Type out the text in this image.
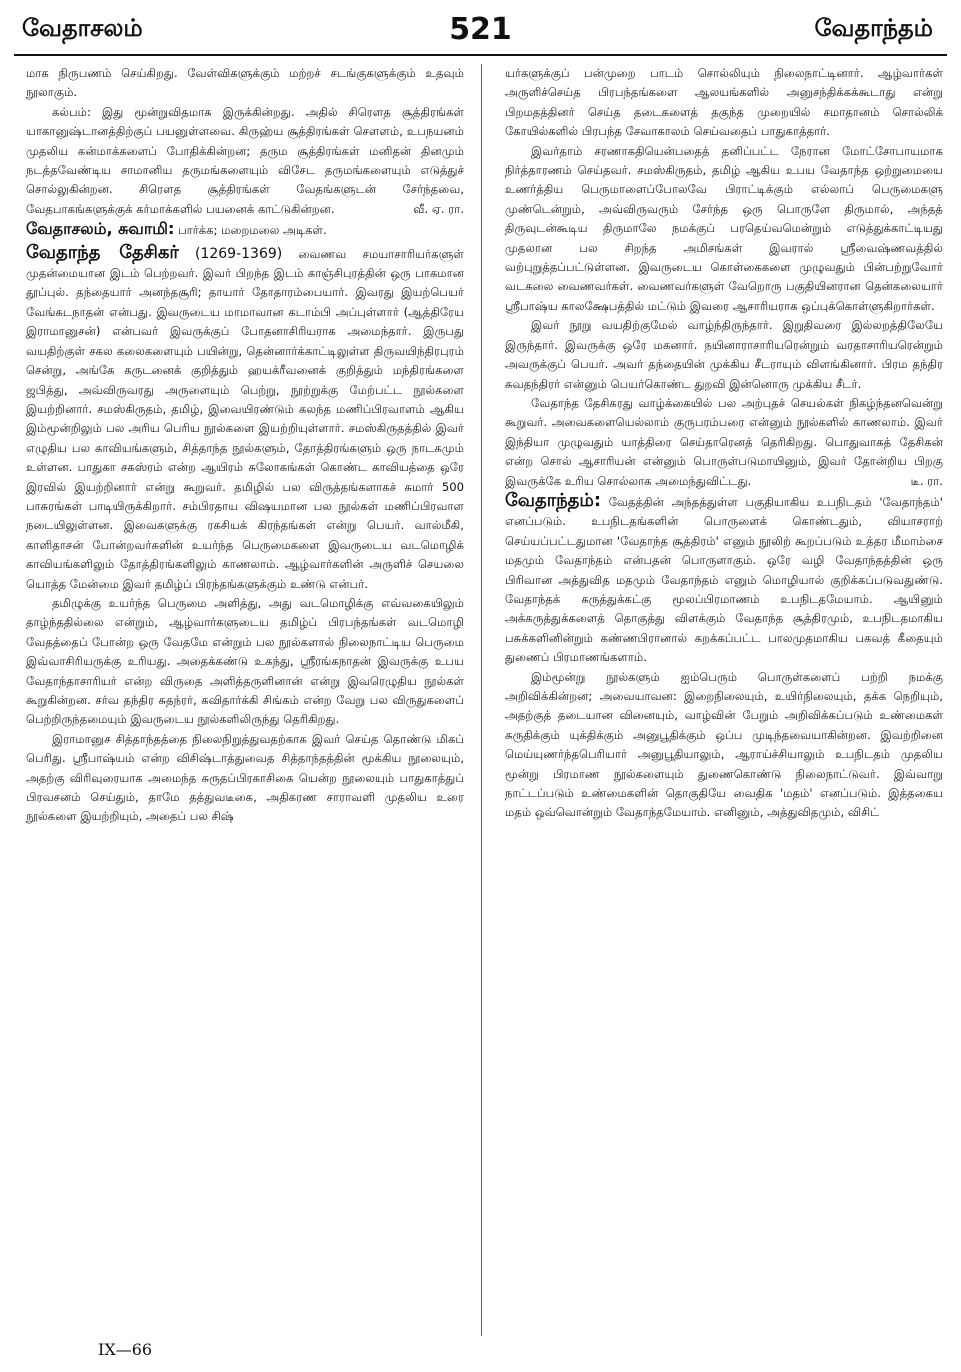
வேதாசலம்	521	வேதாந்தம்

மாக நிருபணம் செய்கிறது. வேள்விகளுக்கும் மற்றச் சடங்குகளுக்கும் உதவும் நூலாகும்.

கல்பம்: இது மூன்றுவிதமாக இருக்கின்றது. அதில் சிரௌத சூத்திரங்கள் யாகானுஷ்டானத்திற்குப் பயனுள்ளவை. கிருஹ்ய சூத்திரங்கள் சௌளம், உபநயனம் முதலிய கன்மாக்களைப் போதிக்கின்றன; தரும சூத்திரங்கள் மனிதன் தினமும் நடத்தவேண்டிய சாமானிய தருமங்களையும் விசேட தருமங்களையும் எடுத்துச் சொல்லுகின்றன. சிரௌத சூத்திரங்கள் வேதங்களுடன் சேர்ந்தவை, வேதபாகங்களுக்குக் கர்மாக்களில் பயனைக் காட்டுகின்றன.	வீ. ஏ. ரா.

வேதாசலம், சுவாமி: பார்க்க; மறைமலை அடிகள்.

வேதாந்த தேசிகர் (1269-1369) வைணவ சமயாசாரியர்களுள் முதன்மையான இடம் பெற்றவர். இவர் பிறந்த இடம் காஞ்சிபுரத்தின் ஒரு பாகமான தூப்புல். தந்தையார் அனந்தசூரி; தாயார் தோதாரம்பையார். இவரது இயற்பெயர் வேங்கடநாதன் என்பது. இவருடைய மாமாவான கடாம்பி அப்புள்ளார் (ஆத்திரேய இராமானுசன்) என்பவர் இவருக்குப் போதனாசிரியராக அமைந்தார். இருபது வயதிற்குள் சகல கலைகளையும் பயின்று, தென்னார்க்காட்டிலுள்ள திருவயிந்திரபுரம் சென்று, அங்கே கருடனைக் குறித்தும் ஹயக்ரீவனைக் குறித்தும் மந்திரங்களை ஜபித்து, அவ்விருவரது அருளையும் பெற்று, நூற்றுக்கு மேற்பட்ட நூல்களை இயற்றினார். சமஸ்கிருதம், தமிழ், இவையிரண்டும் கலந்த மணிப்பிரவாளம் ஆகிய இம்மூன்றிலும் பல அரிய பெரிய நூல்களை இயற்றியுள்ளார். சமஸ்கிருதத்தில் இவர் எழுதிய பல காவியங்களும், சித்தாந்த நூல்களும், தோத்திரங்களும் ஒரு நாடகமும் உள்ளன. பாதுகா சகஸ்ரம் என்ற ஆயிரம் சுலோகங்கள் கொண்ட காவியத்தை ஒரே இரவில் இயற்றினார் என்று கூறுவர். தமிழில் பல விருத்தங்களாகச் சுமார் 500 பாசுரங்கள் பாடியிருக்கிறார். சம்பிரதாய விஷயமான பல நூல்கள் மணிப்பிரவாள நடையிலுள்ளன. இவைகளுக்கு ரகசியக் கிரந்தங்கள் என்று பெயர். வால்மீகி, காளிதாசன் போன்றவர்களின் உயர்ந்த பெருமைகளை இவருடைய வடமொழிக் காவியங்களிலும் தோத்திரங்களிலும் காணலாம். ஆழ்வார்களின் அருளிச் செயலை யொத்த மேன்மை இவர் தமிழ்ப் பிரந்தங்களுக்கும் உண்டு என்பர்.

தமிழுக்கு உயர்ந்த பெருமை அளித்து, அது வடமொழிக்கு எவ்வகையிலும் தாழ்ந்ததில்லை என்றும், ஆழ்வார்களுடைய தமிழ்ப் பிரபந்தங்கள் வடமொழி வேதத்தைப் போன்ற ஒரு வேதமே என்றும் பல நூல்களால் நிலைநாட்டிய பெருமை இவ்வாசிரியருக்கு உரியது. அதைக்கண்டு உகந்து, ஸ்ரீரங்கநாதன் இவருக்கு உபய வேதாந்தாசாரியர் என்ற விருதை அளித்தருளினான் என்று இவரெழுதிய நூல்கள் கூறுகின்றன. சர்வ தந்திர சுதந்ரர், கவிதார்க்கி சிங்கம் என்ற வேறு பல விருதுகளைப் பெற்றிருந்தமையும் இவருடைய நூல்களிலிருந்து தெரிகிறது.

இராமானுச சித்தாந்தத்தை நிலைநிறுத்துவதற்காக இவர் செய்த தொண்டு மிகப் பெரிது. ஸ்ரீபாஷ்யம் என்ற விசிஷ்டாத்துவைத சித்தாந்தத்தின் மூக்கிய நூலையும், அதற்கு விரிவுரையாக அமைந்த சுருதப்பிரகாசிகை யென்ற நூலையும் பாதுகாத்துப் பிரவசனம் செய்தும், தாமே தத்துவடீகை, அதிகரண சாராவளி முதலிய உரை நூல்களை இயற்றியும், அதைப் பல சிஷ்

யர்களுக்குப் பன்முறை பாடம் சொல்லியும் நிலைநாட்டினார். ஆழ்வார்கள் அருளிச்செய்த பிரபந்தங்களை ஆலயங்களில் அனுசந்திக்கக்கூடாது என்று பிறமதத்தினர் செய்த தடைகளைத் தகுந்த முறையில் சமாதானம் சொல்லிக் கோயில்களில் பிரபந்த சேவாகாலம் செய்வதைப் பாதுகாத்தார்.

இவர்தாம் சரணாகதியென்பதைத் தனிப்பட்ட நேரான மோட்சோபாயமாக நிர்த்தாரணம் செய்தவர். சமஸ்கிருதம், தமிழ் ஆகிய உபய வேதாந்த ஒற்றுமையை உணர்த்திய பெருமாளைப்போலவே பிராட்டிக்கும் எல்லாப் பெருமைகளு முண்டென்றும், அவ்விருவரும் சேர்ந்த ஒரு பொருளே திருமால், அந்தத் திருவுடன்கூடிய திருமாலே நமக்குப் பரதெய்வமென்றும் எடுத்துக்காட்டியது முதலான பல சிறந்த அமிசங்கள் இவரால் ஸ்ரீவைஷ்ணவத்தில் வற்புறுத்தப்பட்டுள்ளன. இவருடைய கொள்கைகளை முழுவதும் பின்பற்றுவோர் வடகலை வைணவர்கள். வைணவர்களுள் வேறொரு பகுதியினரான தென்கலையார் ஸ்ரீபாஷ்ய காலக்ஷேபத்தில் மட்டும் இவரை ஆசாரியராக ஒப்புக்கொள்ளுகிறார்கள்.

இவர் நூறு வயதிற்குமேல் வாழ்ந்திருந்தார். இறுதிவரை இல்லறத்திலேயே இருந்தார். இவருக்கு ஒரே மகனார். நயினாராசாரியரென்றும் வரதாசாரியரென்றும் அவருக்குப் பெயர். அவர் தந்தையின் முக்கிய சீடராயும் விளங்கினார். பிரம தந்திர சுவதந்திரர் என்னும் பெயர்கொண்ட துறவி இன்னொரு முக்கிய சீடர்.

வேதாந்த தேசிகரது வாழ்க்கையில் பல அற்புதச் செயல்கள் நிகழ்ந்தனவென்று கூறுவர். அவைகளையெல்லாம் குருபரம்பரை என்னும் நூல்களில் காணலாம். இவர் இந்தியா முழுவதும் யாத்திரை செய்தாரெனத் தெரிகிறது. பொதுவாகத் தேசிகன் என்ற சொல் ஆசாரியன் என்னும் பொருள்படுமாயினும், இவர் தோன்றிய பிறகு இவருக்கே உரிய சொல்லாக அமைந்துவிட்டது.	டீ. ரா.

வேதாந்தம்: வேதத்தின் அந்தத்துள்ள பகுதியாகிய உபநிடதம் 'வேதாந்தம்' எனப்படும். உபநிடதங்களின் பொருளைக் கொண்டதும், வியாசராற் செய்யப்பட்டதுமான 'வேதாந்த சூத்திரம்' எனும் நூலிற் கூறப்படும் உத்தர மீமாம்சை மதமும் வேதாந்தம் என்பதன் பொருளாகும். ஒரே வழி வேதாந்தத்தின் ஒரு பிரிவான அத்துவித மதமும் வேதாந்தம் எனும் மொழியால் குறிக்கப்படுவதுண்டு. வேதாந்தக் கருத்துக்கட்கு மூலப்பிரமாணம் உபநிடதமேயாம். ஆயினும் அக்கருத்துக்களைத் தொகுத்து விளக்கும் வேதாந்த சூத்திரமும், உபநிடதமாகிய பசுக்களினின்றும் கண்ணபிரானால் கறக்கப்பட்ட பாலமுதமாகிய பகவத் கீதையும் துணைப் பிரமாணங்களாம்.

இம்மூன்று நூல்களும் ஐம்பெரும் பொருள்களைப் பற்றி நமக்கு அறிவிக்கின்றன; அவையாவன: இறைநிலையும், உயிர்நிலையும், தக்க நெறியும், அதற்குத் தடையான வினையும், வாழ்வின் பேறும் அறிவிக்கப்படும் உண்மைகள் சுருதிக்கும் யுக்திக்கும் அனுபூதிக்கும் ஒப்ப முடிந்தவையாகின்றன. இவற்றினை மெய்யுணர்ந்தபெரியார் அனுபூதியாலும், ஆராய்ச்சியாலும் உபநிடதம் முதலிய மூன்று பிரமாண நூல்களையும் துணைகொண்டு நிலைநாட்டுவர். இவ்வாறு நாட்டப்படும் உண்மைகளின் தொகுதியே வைதிக 'மதம்' எனப்படும். இத்தகைய மதம் ஒவ்வொன்றும் வேதாந்தமேயாம். எனினும், அத்துவிதமும், விசிட்

IX—66
